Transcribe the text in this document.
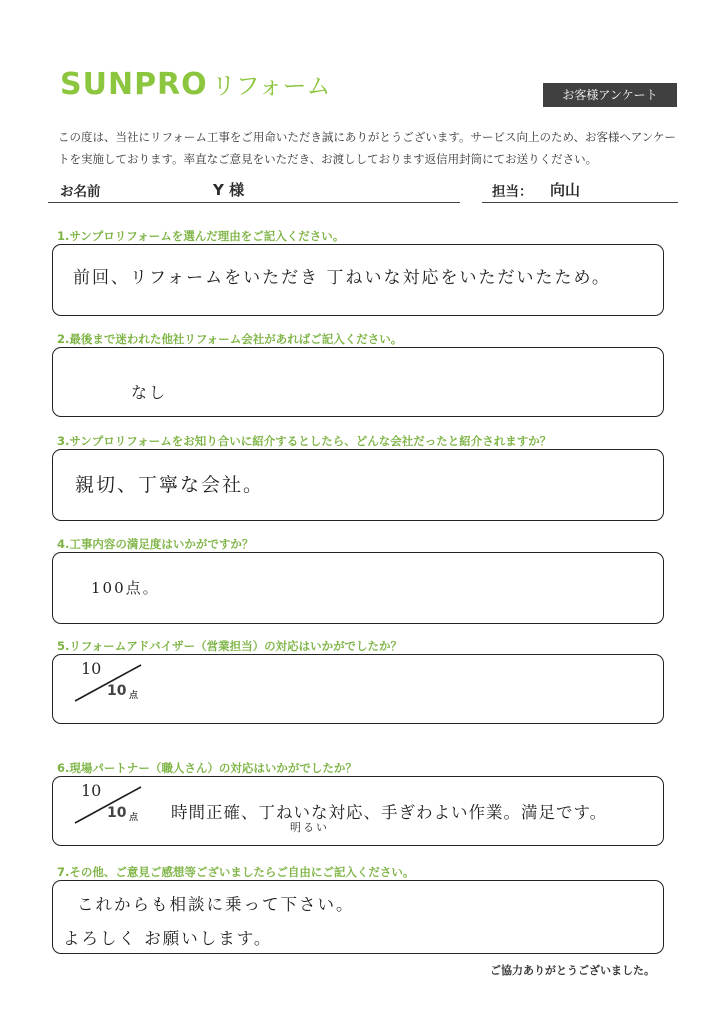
SUNPRO リフォーム	お客様アンケート
この度は、当社にリフォーム工事をご用命いただき誠にありがとうございます。サービス向上のため、お客様へアンケートを実施しております。率直なご意見をいただき、お渡ししております返信用封筒にてお送りください。
お名前	Y 様	担当： 向山
1.サンプロリフォームを選んだ理由をご記入ください。
前回、リフォームをいただき 丁ねいな対応をいただいたため。
2.最後まで迷われた他社リフォーム会社があればご記入ください。
なし
3.サンプロリフォームをお知り合いに紹介するとしたら、どんな会社だったと紹介されますか？
親切、丁寧な会社。
4.工事内容の満足度はいかがですか？
100点。
5.リフォームアドバイザー（営業担当）の対応はいかがでしたか？
10
10 点
6.現場パートナー（職人さん）の対応はいかがでしたか？
10
10 点 時間正確、丁ねいな対応、手ぎわよい作業。満足です。
明るい
7.その他、ご意見ご感想等ございましたらご自由にご記入ください。
これからも相談に乗って下さい。
よろしく お願いします。
ご協力ありがとうございました。
